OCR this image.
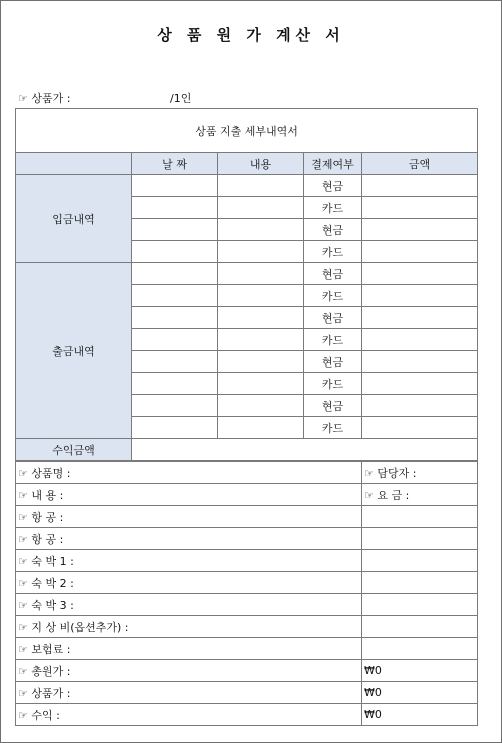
상 품 원 가 계산 서
☞ 상품가 :	/1인
상품 지출 세부내역서				
	날 짜	내용	결제여부	금액
입금내역			현금	
			카드	
			현금	
			카드	
출금내역			현금	
			카드	
			현금	
			카드	
			현금	
			카드	
			현금	
			카드	
수익금액				
☞ 상품명 :	☞ 담당자 :
☞ 내 용 :	☞ 요 금 :
☞ 항 공 :	
☞ 항 공 :	
☞ 숙 박 1 :	
☞ 숙 박 2 :	
☞ 숙 박 3 :	
☞ 지 상 비(옵션추가) :	
☞ 보험료 :	
☞ 총원가 :	₩0
☞ 상품가 :	₩0
☞ 수익 :	₩0
